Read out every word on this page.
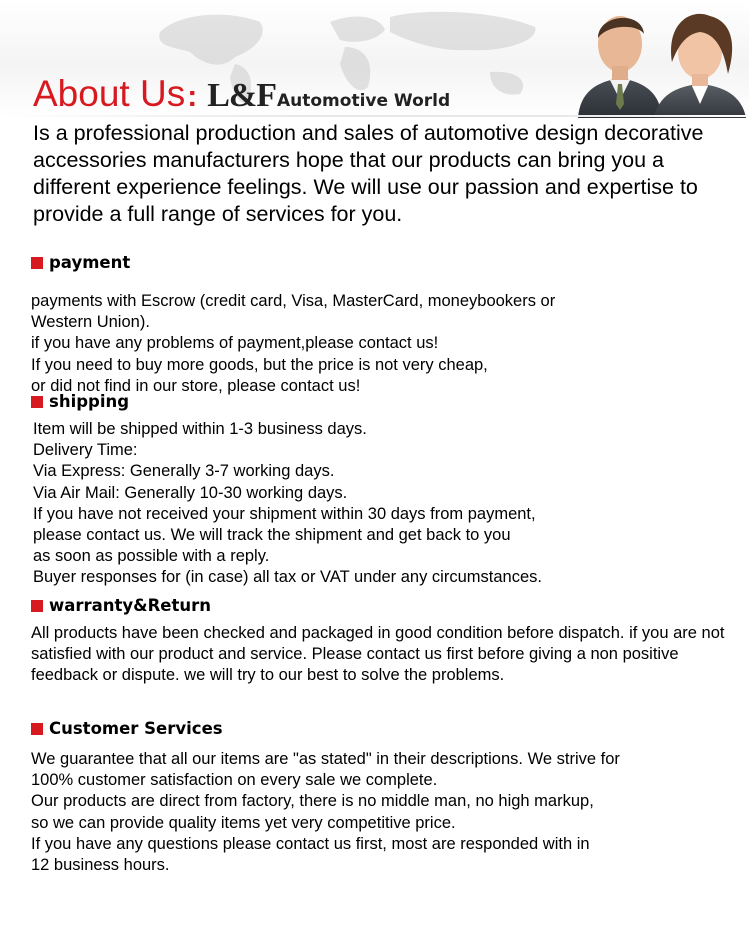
About Us : L&F Automotive World

Is a professional production and sales of automotive design decorative accessories manufacturers hope that our products can bring you a different experience feelings. We will use our passion and expertise to provide a full range of services for you.

payment
payments with Escrow (credit card, Visa, MasterCard, moneybookers or
Western Union).
if you have any problems of payment,please contact us!
If you need to buy more goods, but the price is not very cheap,
or did not find in our store, please contact us!
shipping
Item will be shipped within 1-3 business days.
Delivery Time:
Via Express: Generally 3-7 working days.
Via Air Mail: Generally 10-30 working days.
If you have not received your shipment within 30 days from payment,
please contact us. We will track the shipment and get back to you
as soon as possible with a reply.
Buyer responses for (in case) all tax or VAT under any circumstances.
warranty&Return

All products have been checked and packaged in good condition before dispatch. if you are not satisfied with our product and service. Please contact us first before giving a non positive feedback or dispute. we will try to our best to solve the problems.

Customer Services
We guarantee that all our items are "as stated" in their descriptions. We strive for
100% customer satisfaction on every sale we complete.
Our products are direct from factory, there is no middle man, no high markup,
so we can provide quality items yet very competitive price.
If you have any questions please contact us first, most are responded with in
12 business hours.
